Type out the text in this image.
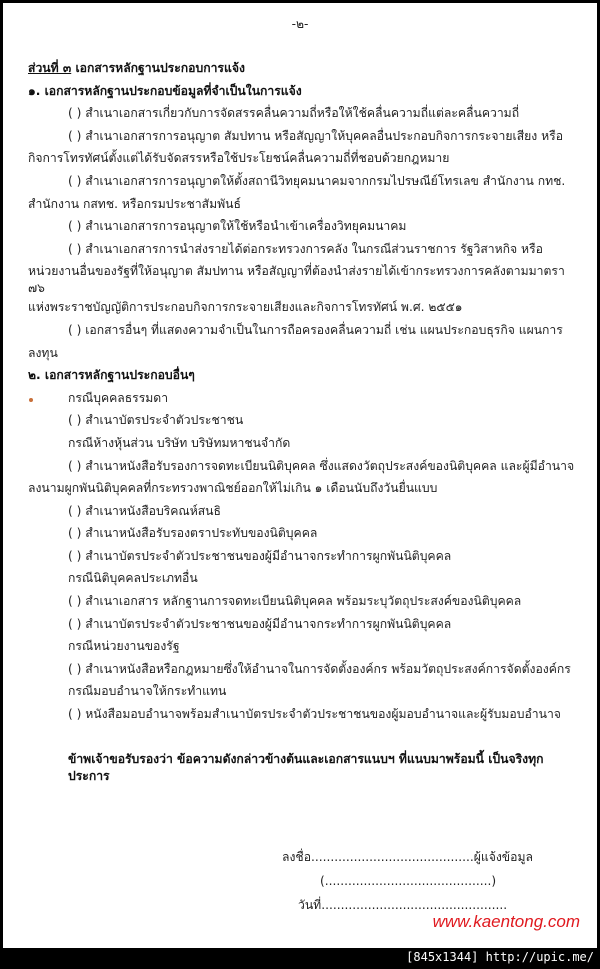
-๒-
ส่วนที่ ๓ เอกสารหลักฐานประกอบการแจ้ง
๑. เอกสารหลักฐานประกอบข้อมูลที่จำเป็นในการแจ้ง
( ) สำเนาเอกสารเกี่ยวกับการจัดสรรคลื่นความถี่หรือให้ใช้คลื่นความถี่แต่ละคลื่นความถี่
( ) สำเนาเอกสารการอนุญาต สัมปทาน หรือสัญญาให้บุคคลอื่นประกอบกิจการกระจายเสียง หรือ
กิจการโทรทัศน์ตั้งแต่ได้รับจัดสรรหรือใช้ประโยชน์คลื่นความถี่ที่ชอบด้วยกฎหมาย
( ) สำเนาเอกสารการอนุญาตให้ตั้งสถานีวิทยุคมนาคมจากกรมไปรษณีย์โทรเลข สำนักงาน กทช.
สำนักงาน กสทช. หรือกรมประชาสัมพันธ์
( ) สำเนาเอกสารการอนุญาตให้ใช้หรือนำเข้าเครื่องวิทยุคมนาคม
( ) สำเนาเอกสารการนำส่งรายได้ต่อกระทรวงการคลัง ในกรณีส่วนราชการ รัฐวิสาหกิจ หรือ
หน่วยงานอื่นของรัฐที่ให้อนุญาต สัมปทาน หรือสัญญาที่ต้องนำส่งรายได้เข้ากระทรวงการคลังตามมาตรา ๗๖
แห่งพระราชบัญญัติการประกอบกิจการกระจายเสียงและกิจการโทรทัศน์ พ.ศ. ๒๕๕๑
( ) เอกสารอื่นๆ ที่แสดงความจำเป็นในการถือครองคลื่นความถี่ เช่น แผนประกอบธุรกิจ แผนการ
ลงทุน
๒. เอกสารหลักฐานประกอบอื่นๆ
กรณีบุคคลธรรมดา
( ) สำเนาบัตรประจำตัวประชาชน
กรณีห้างหุ้นส่วน บริษัท บริษัทมหาชนจำกัด
( ) สำเนาหนังสือรับรองการจดทะเบียนนิติบุคคล ซึ่งแสดงวัตถุประสงค์ของนิติบุคคล และผู้มีอำนาจ
ลงนามผูกพันนิติบุคคลที่กระทรวงพาณิชย์ออกให้ไม่เกิน ๑ เดือนนับถึงวันยื่นแบบ
( ) สำเนาหนังสือบริคณห์สนธิ
( ) สำเนาหนังสือรับรองตราประทับของนิติบุคคล
( ) สำเนาบัตรประจำตัวประชาชนของผู้มีอำนาจกระทำการผูกพันนิติบุคคล
กรณีนิติบุคคลประเภทอื่น
( ) สำเนาเอกสาร หลักฐานการจดทะเบียนนิติบุคคล พร้อมระบุวัตถุประสงค์ของนิติบุคคล
( ) สำเนาบัตรประจำตัวประชาชนของผู้มีอำนาจกระทำการผูกพันนิติบุคคล
กรณีหน่วยงานของรัฐ
( ) สำเนาหนังสือหรือกฎหมายซึ่งให้อำนาจในการจัดตั้งองค์กร พร้อมวัตถุประสงค์การจัดตั้งองค์กร
กรณีมอบอำนาจให้กระทำแทน
( ) หนังสือมอบอำนาจพร้อมสำเนาบัตรประจำตัวประชาชนของผู้มอบอำนาจและผู้รับมอบอำนาจ
ข้าพเจ้าขอรับรองว่า ข้อความดังกล่าวข้างต้นและเอกสารแนบฯ ที่แนบมาพร้อมนี้ เป็นจริงทุกประการ
ลงชื่อ..........................................ผู้แจ้งข้อมูล
(...........................................)
วันที่................................................
www.kaentong.com
[845x1344] http://upic.me/
